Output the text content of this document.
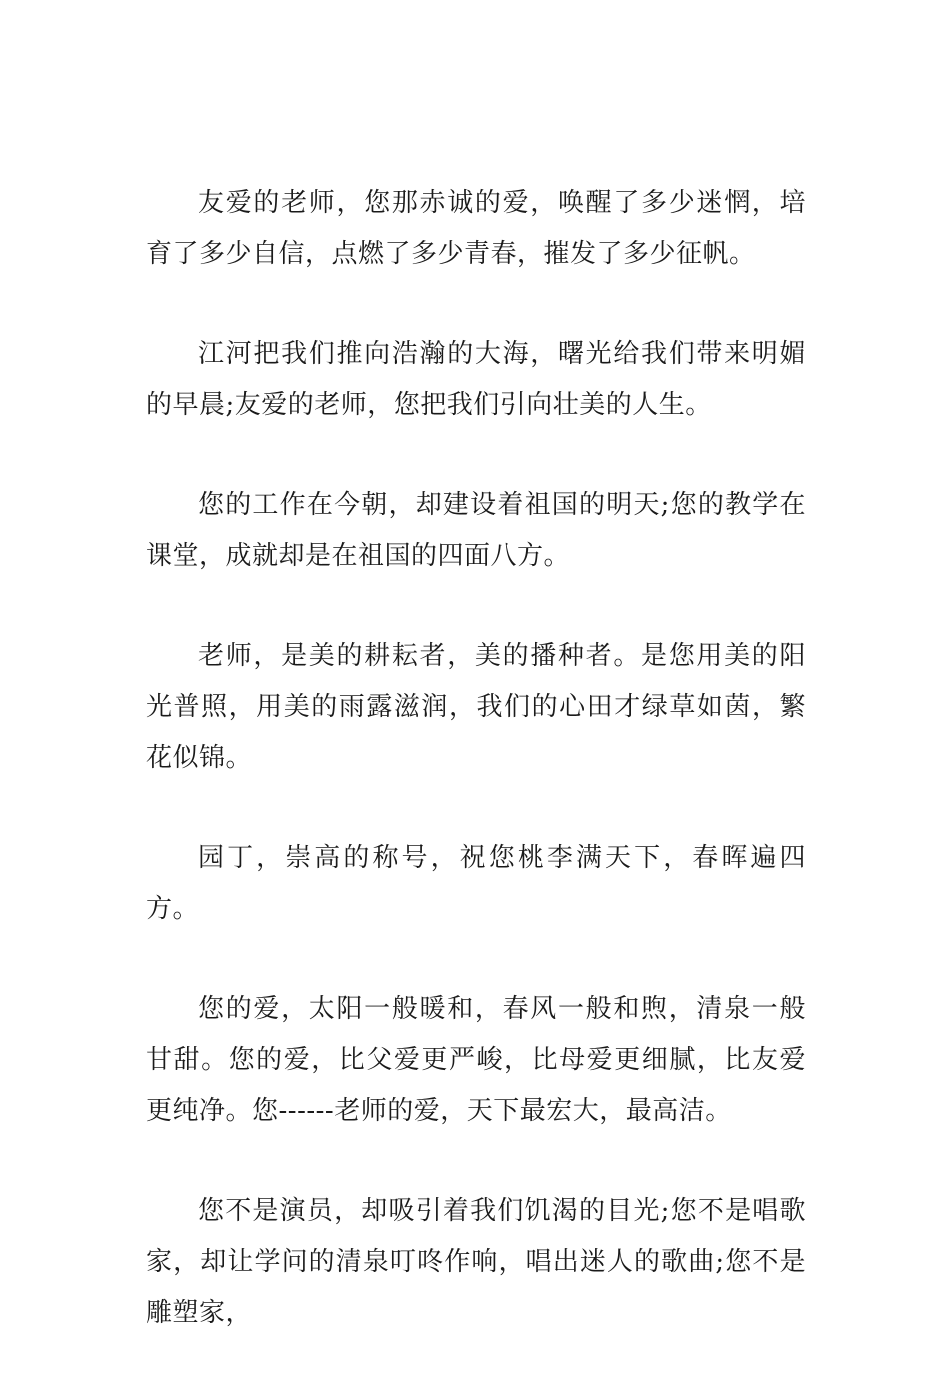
友爱的老师，您那赤诚的爱，唤醒了多少迷惘，培育了多少自信，点燃了多少青春，摧发了多少征帆。

江河把我们推向浩瀚的大海，曙光给我们带来明媚的早晨;友爱的老师，您把我们引向壮美的人生。

您的工作在今朝，却建设着祖国的明天;您的教学在课堂，成就却是在祖国的四面八方。

老师，是美的耕耘者，美的播种者。是您用美的阳光普照，用美的雨露滋润，我们的心田才绿草如茵，繁花似锦。

园丁，崇高的称号，祝您桃李满天下，春晖遍四方。

您的爱，太阳一般暖和，春风一般和煦，清泉一般甘甜。您的爱，比父爱更严峻，比母爱更细腻，比友爱更纯净。您------老师的爱，天下最宏大，最高洁。

您不是演员，却吸引着我们饥渴的目光;您不是唱歌家，却让学问的清泉叮咚作响，唱出迷人的歌曲;您不是雕塑家，
